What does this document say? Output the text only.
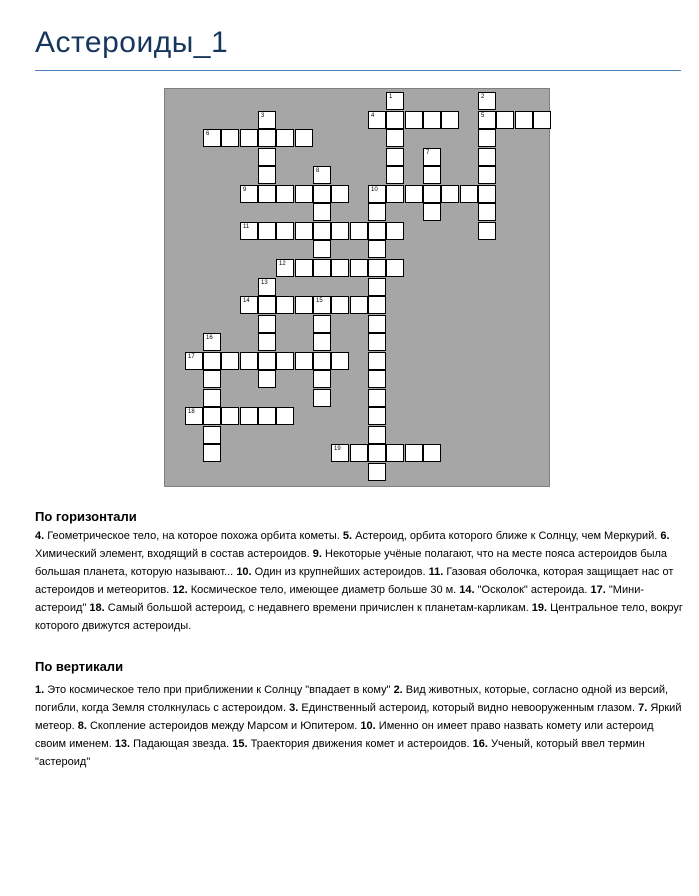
Астероиды_1
4	5
6
9	10
11
12
14	15
17
18
19
1	2
3
7
8
13
16
По горизонтали
4. Геометрическое тело, на которое похожа орбита кометы. 5. Астероид, орбита которого ближе к Солнцу, чем Меркурий. 6. Химический элемент, входящий в состав астероидов. 9. Некоторые учёные полагают, что на месте пояса астероидов была большая планета, которую называют... 10. Один из крупнейших астероидов. 11. Газовая оболочка, которая защищает нас от астероидов и метеоритов. 12. Космическое тело, имеющее диаметр больше 30 м. 14. "Осколок" астероида. 17. "Мини-астероид" 18. Самый большой астероид, с недавнего времени причислен к планетам-карликам. 19. Центральное тело, вокруг которого движутся астероиды.
По вертикали
1. Это космическое тело при приближении к Солнцу "впадает в кому" 2. Вид животных, которые, согласно одной из версий, погибли, когда Земля столкнулась с астероидом. 3. Единственный астероид, который видно невооруженным глазом. 7. Яркий метеор. 8. Скопление астероидов между Марсом и Юпитером. 10. Именно он имеет право назвать комету или астероид своим именем. 13. Падающая звезда. 15. Траектория движения комет и астероидов. 16. Ученый, который ввел термин "астероид"
